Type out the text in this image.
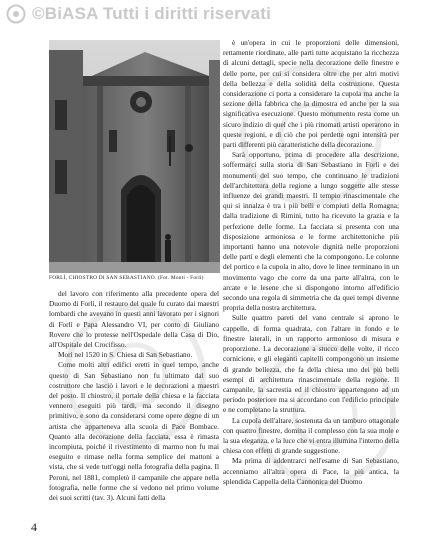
©BiASA Tutti i diritti riservati
FORLÌ, CHIOSTRO DI SAN SEBASTIANO. (Fot. Monti - Forlì)

è un'opera in cui le proporzioni delle dimensioni, rettamente riordinate, alle parti tutte acquistano la ricchezza di alcuni dettagli, specie nella decorazione delle finestre e delle porte, per cui si considera oltre che per altri motivi della bellezza e della solidità della costruzione. Questa considerazione ci porta a considerare la cupola ma anche la sezione della fabbrica che la dimostra ed anche per la sua significativa esecuzione. Questo monumento resta come un sicuro indizio di quel che i più rinomati artisti operarono in queste regioni, e di ciò che poi perdette ogni intensità per parti differenti più caratteristiche della decorazione.

Sarà opportuno, prima di procedere alla descrizione, soffermarci sulla storia di San Sebastiano in Forlì e dei monumenti del suo tempo, che continuano le tradizioni dell'architettura della regione a lungo soggette alle stesse influenze dei grandi maestri. Il tempio rinascimentale che qui si innalza è tra i più belli e compiuti della Romagna; dalla tradizione di Rimini, tutto ha ricevuto la grazia e la perfezione delle forme. La facciata si presenta con una disposizione armoniosa e le forme architettoniche più importanti hanno una notevole dignità nelle proporzioni delle parti e degli elementi che la compongono. Le colonne del portico e la cupola in alto, dove le linee terminano in un movimento vago che corre da una parte all'altra, con le arcate e le lesene che si dispongono intorno all'edificio secondo una regola di simmetria che da quei tempi divenne propria della nostra architettura.

Sulle quattro pareti del vano centrale si aprono le cappelle, di forma quadrata, con l'altare in fondo e le finestre laterali, in un rapporto armonioso di misura e proporzione. La decorazione a stucco delle volte, il ricco cornicione, e gli eleganti capitelli compongono un insieme di grande bellezza, che fa della chiesa uno dei più belli esempi di architettura rinascimentale della regione. Il campanile, la sacrestia ed il chiostro appartengono ad un periodo posteriore ma si accordano con l'edificio principale e ne completano la struttura.

La cupola dell'altare, sostenuta da un tamburo ottagonale con quattro finestre, domina il complesso con la sua mole e la sua eleganza, e la luce che vi entra illumina l'interno della chiesa con effetti di grande suggestione.

Ma prima di addentrarci nell'esame di San Sebastiano, accenniamo all'altra opera di Pace, la più antica, la splendida Cappella della Cannonica del Duomo

del lavoro con riferimento alla precedente opera del Duomo di Forlì, il restauro del quale fu curato dai maestri lombardi che avevano in questi anni lavorato per i signori di Forlì e Papa Alessandro VI, per conto di Giuliano Rovere che lo protesse nell'Ospedale della Casa di Dio, all'Ospitale del Crocifisso.

Morì nel 1520 in S. Chiesa di San Sebastiano.

Come molti altri edifici eretti in quel tempo, anche questo di San Sebastiano non fu ultimato dal suo costruttore che lasciò i lavori e le decorazioni a maestri del posto. Il chiostro, il portale della chiesa e la facciata vennero eseguiti più tardi, ma secondo il disegno primitivo, e sono da considerarsi come opere degne di un artista che apparteneva alla scuola di Pace Bombace. Quanto alla decorazione della facciata, essa è rimasta incompiuta, poiché il rivestimento di marmo non fu mai eseguito e rimase nella forma semplice dei mattoni a vista, che si vede tutt'oggi nella fotografia della pagina. Il Peroni, nel 1881, completò il campanile che appare nella fotografia, nelle forme che si vedono nel primo volume dei suoi scritti (tav. 3). Alcuni fatti della

4
